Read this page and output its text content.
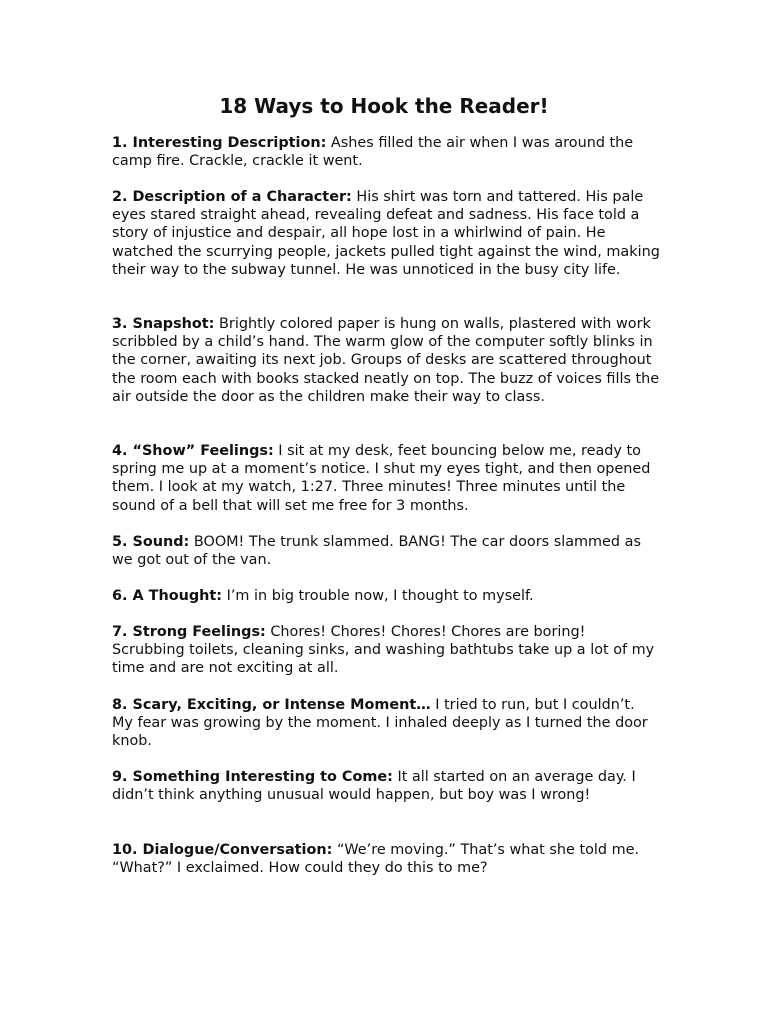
18 Ways to Hook the Reader!

1. Interesting Description: Ashes filled the air when I was around the camp fire. Crackle, crackle it went.

2. Description of a Character: His shirt was torn and tattered. His pale eyes stared straight ahead, revealing defeat and sadness. His face told a story of injustice and despair, all hope lost in a whirlwind of pain. He watched the scurrying people, jackets pulled tight against the wind, making their way to the subway tunnel. He was unnoticed in the busy city life.

3. Snapshot: Brightly colored paper is hung on walls, plastered with work scribbled by a child’s hand. The warm glow of the computer softly blinks in the corner, awaiting its next job. Groups of desks are scattered throughout the room each with books stacked neatly on top. The buzz of voices fills the air outside the door as the children make their way to class.

4. “Show” Feelings: I sit at my desk, feet bouncing below me, ready to spring me up at a moment’s notice. I shut my eyes tight, and then opened them. I look at my watch, 1:27. Three minutes! Three minutes until the sound of a bell that will set me free for 3 months.

5. Sound: BOOM! The trunk slammed. BANG! The car doors slammed as we got out of the van.

6. A Thought: I’m in big trouble now, I thought to myself.

7. Strong Feelings: Chores! Chores! Chores! Chores are boring! Scrubbing toilets, cleaning sinks, and washing bathtubs take up a lot of my time and are not exciting at all.

8. Scary, Exciting, or Intense Moment… I tried to run, but I couldn’t. My fear was growing by the moment. I inhaled deeply as I turned the door knob.

9. Something Interesting to Come: It all started on an average day. I didn’t think anything unusual would happen, but boy was I wrong!

10. Dialogue/Conversation: “We’re moving.” That’s what she told me. “What?” I exclaimed. How could they do this to me?
